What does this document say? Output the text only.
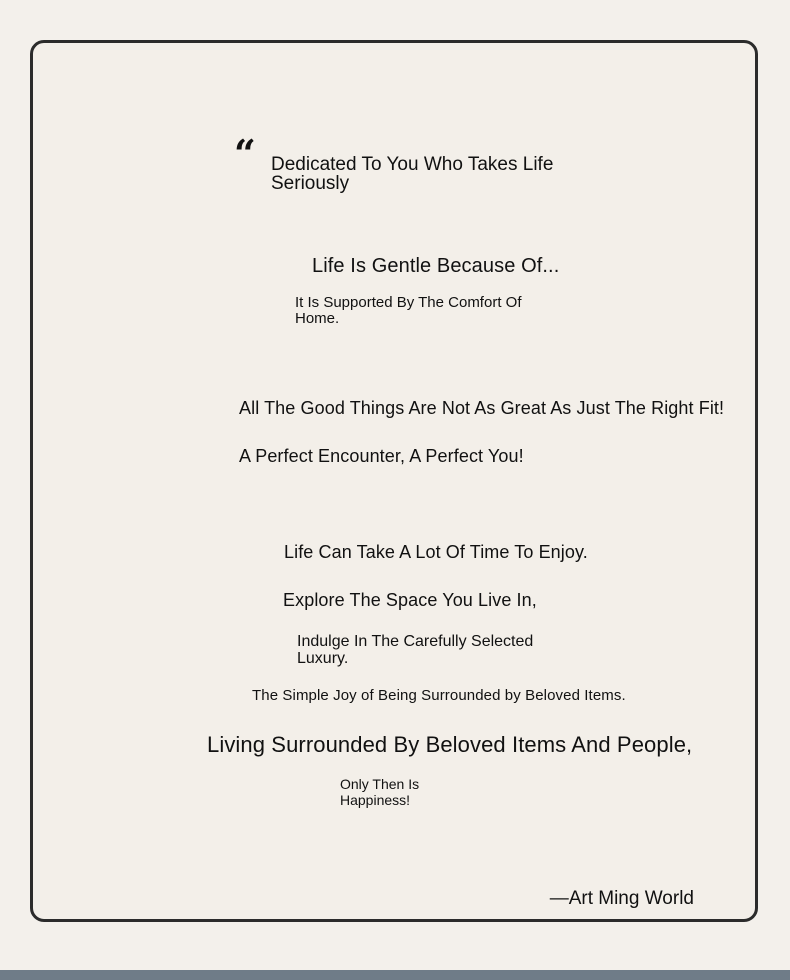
“ Dedicated To You Who Takes Life Seriously

Life Is Gentle Because Of...

It Is Supported By The Comfort Of Home.

All The Good Things Are Not As Great As Just The Right Fit!

A Perfect Encounter, A Perfect You!

Life Can Take A Lot Of Time To Enjoy.

Explore The Space You Live In,

Indulge In The Carefully Selected Luxury.

The Simple Joy of Being Surrounded by Beloved Items.

Living Surrounded By Beloved Items And People,

Only Then Is Happiness!
—Art Ming World
